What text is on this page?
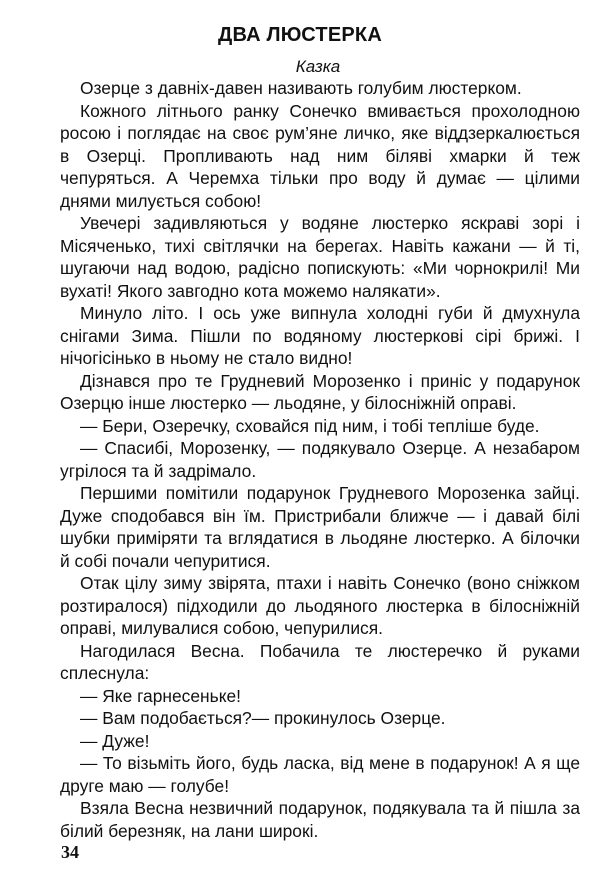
ДВА ЛЮСТЕРКА
Казка

Озерце з давніх-давен називають голубим люстерком.

Кожного літнього ранку Сонечко вмивається прохолодною росою і поглядає на своє рум’яне личко, яке віддзеркалюється в Озерці. Пропливають над ним біляві хмарки й теж чепуряться. А Черемха тільки про воду й думає — цілими днями милується собою!

Увечері задивляються у водяне люстерко яскраві зорі і Місяченько, тихі світлячки на берегах. Навіть кажани — й ті, шугаючи над водою, радісно попискують: «Ми чорнокрилі! Ми вухаті! Якого завгодно кота можемо налякати».

Минуло літо. І ось уже випнула холодні губи й дмухнула снігами Зима. Пішли по водяному люстеркові сірі брижі. І нічогісінько в ньому не стало видно!

Дізнався про те Грудневий Морозенко і приніс у подарунок Озерцю інше люстерко — льодяне, у білосніжній оправі.

— Бери, Озеречку, сховайся під ним, і тобі тепліше буде.

— Спасибі, Морозенку, — подякувало Озерце. А незабаром угрілося та й задрімало.

Першими помітили подарунок Грудневого Морозенка зайці. Дуже сподобався він їм. Пристрибали ближче — і давай білі шубки приміряти та вглядатися в льодяне люстерко. А білочки й собі почали чепуритися.

Отак цілу зиму звірята, птахи і навіть Сонечко (воно сніжком розтиралося) підходили до льодяного люстерка в білосніжній оправі, милувалися собою, чепурилися.

Нагодилася Весна. Побачила те люстеречко й руками сплеснула:

— Яке гарнесеньке!

— Вам подобається?— прокинулось Озерце.

— Дуже!

— То візьміть його, будь ласка, від мене в подарунок! А я ще друге маю — голубе!

Взяла Весна незвичний подарунок, подякувала та й пішла за білий березняк, на лани широкі.

34
